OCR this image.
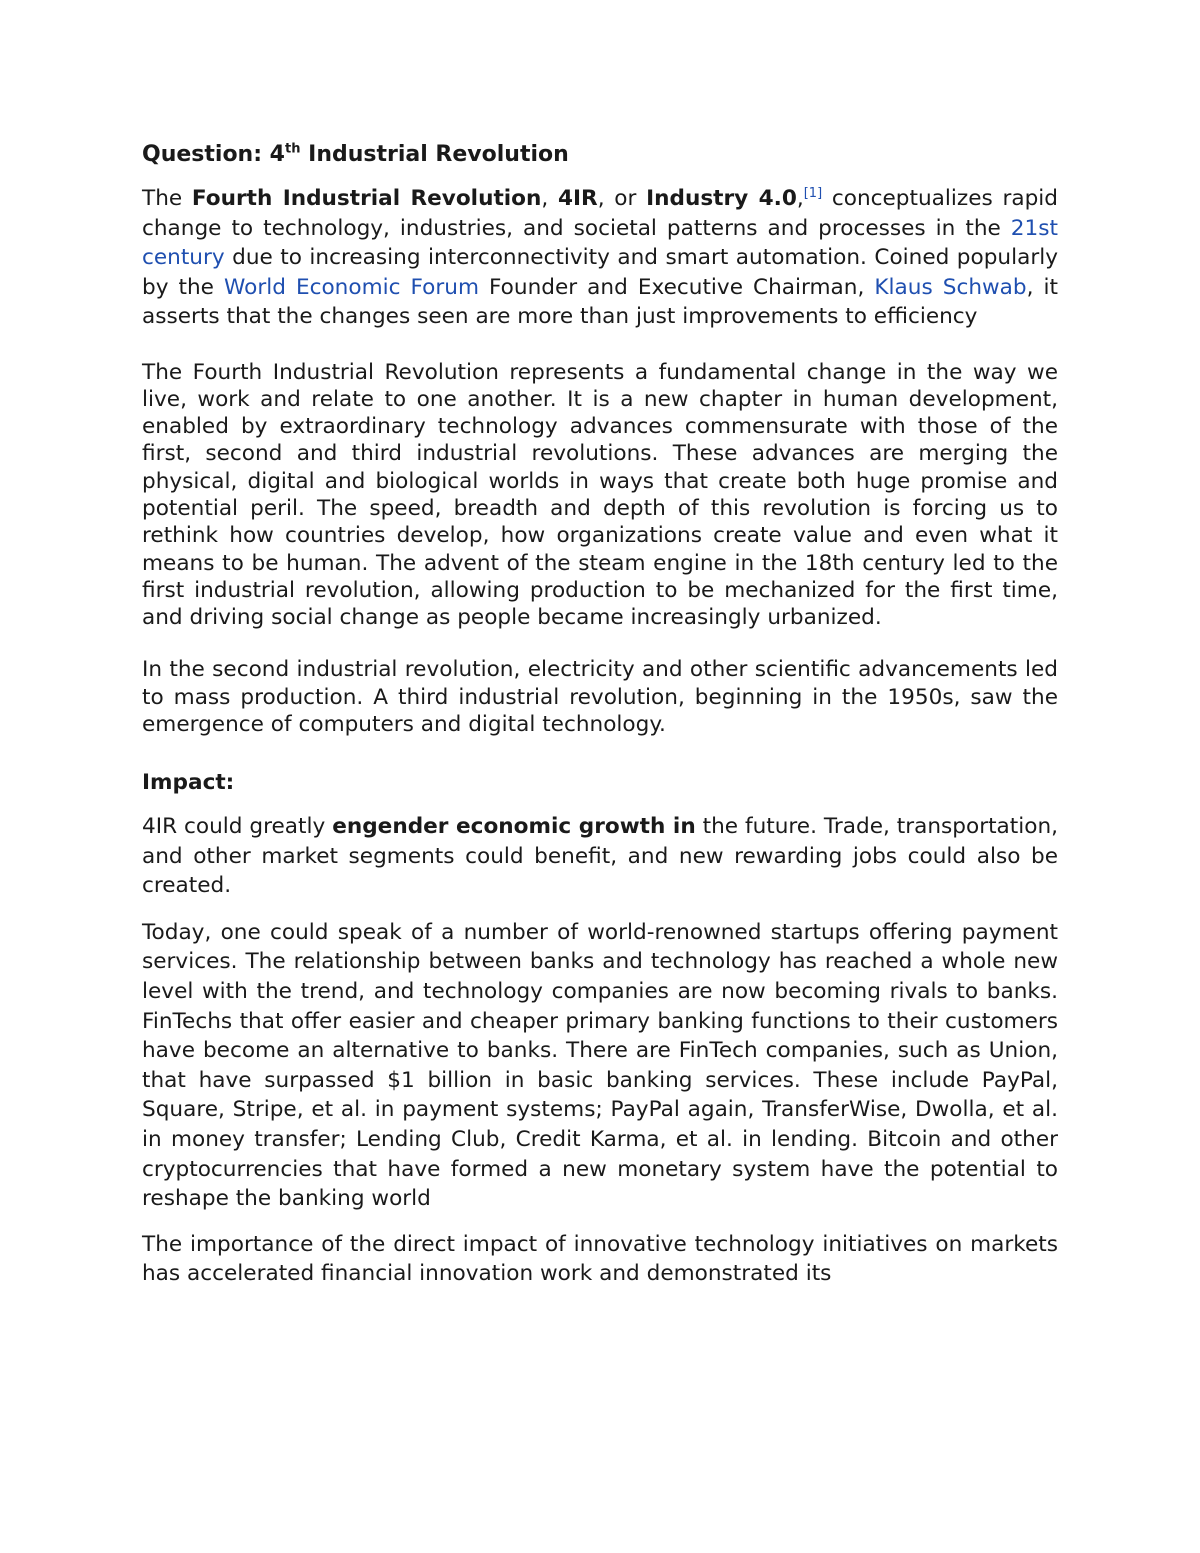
Question: 4th Industrial Revolution

The Fourth Industrial Revolution, 4IR, or Industry 4.0,[1] conceptualizes rapid change to technology, industries, and societal patterns and processes in the 21st century due to increasing interconnectivity and smart automation. Coined popularly by the World Economic Forum Founder and Executive Chairman, Klaus Schwab, it asserts that the changes seen are more than just improvements to efficiency

The Fourth Industrial Revolution represents a fundamental change in the way we live, work and relate to one another. It is a new chapter in human development, enabled by extraordinary technology advances commensurate with those of the first, second and third industrial revolutions. These advances are merging the physical, digital and biological worlds in ways that create both huge promise and potential peril. The speed, breadth and depth of this revolution is forcing us to rethink how countries develop, how organizations create value and even what it means to be human. The advent of the steam engine in the 18th century led to the first industrial revolution, allowing production to be mechanized for the first time, and driving social change as people became increasingly urbanized.

In the second industrial revolution, electricity and other scientific advancements led to mass production. A third industrial revolution, beginning in the 1950s, saw the emergence of computers and digital technology.

Impact:

4IR could greatly engender economic growth in the future. Trade, transportation, and other market segments could benefit, and new rewarding jobs could also be created.

Today, one could speak of a number of world-renowned startups offering payment services. The relationship between banks and technology has reached a whole new level with the trend, and technology companies are now becoming rivals to banks. FinTechs that offer easier and cheaper primary banking functions to their customers have become an alternative to banks. There are FinTech companies, such as Union, that have surpassed $1 billion in basic banking services. These include PayPal, Square, Stripe, et al. in payment systems; PayPal again, TransferWise, Dwolla, et al. in money transfer; Lending Club, Credit Karma, et al. in lending. Bitcoin and other cryptocurrencies that have formed a new monetary system have the potential to reshape the banking world

The importance of the direct impact of innovative technology initiatives on markets has accelerated financial innovation work and demonstrated its
